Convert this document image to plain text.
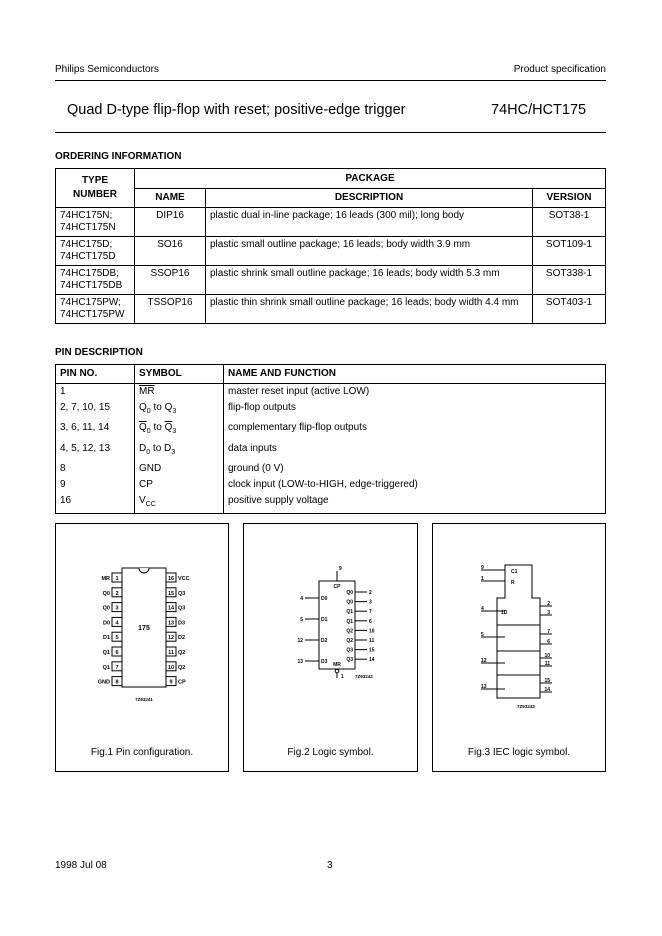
Philips Semiconductors	Product specification
Quad D-type flip-flop with reset; positive-edge trigger	74HC/HCT175
ORDERING INFORMATION
TYPE NUMBER	PACKAGE		
	NAME	DESCRIPTION	VERSION
74HC175N;
74HCT175N	DIP16	plastic dual in-line package; 16 leads (300 mil); long body	SOT38-1
74HC175D;
74HCT175D	SO16	plastic small outline package; 16 leads; body width 3.9 mm	SOT109-1
74HC175DB;
74HCT175DB	SSOP16	plastic shrink small outline package; 16 leads; body width 5.3 mm	SOT338-1
74HC175PW;
74HCT175PW	TSSOP16	plastic thin shrink small outline package; 16 leads; body width 4.4 mm	SOT403-1
PIN DESCRIPTION
PIN NO.	SYMBOL	NAME AND FUNCTION
1	$\overline{MR}$	master reset input (active LOW)
2, 7, 10, 15	$Q_0$ to $Q_3$	flip-flop outputs
3, 6, 11, 14	$\overline{Q}_0$ to $\overline{Q}_3$	complementary flip-flop outputs
4, 5, 12, 13	$D_0$ to $D_3$	data inputs
8	GND	ground (0 V)
9	CP	clock input (LOW-to-HIGH, edge-triggered)
16	$V_{CC}$	positive supply voltage
175
7Z93241
1
MR	16 VCC
2
Q0	15 Q3
3
Q0	14 Q3
4
D0	13 D3
5
D1	12 D2
6
Q1	11 Q2
7
Q1	10 Q2
8
GND	9 CP
Fig.1 Pin configuration.
9
CP
MR
1 7Z93242
4	D0
5	D1
12	D2
13	D3
Q0	2
Q0	3
Q1	7
Q1	6
Q2	10
Q2	11
Q3	15
Q3	14
Fig.2 Logic symbol.
C1
R
1D
9
1
4
5
12
13
2
3
7
6
10
11
15
14
7Z93243
Fig.3 IEC logic symbol.
1998 Jul 08	3
